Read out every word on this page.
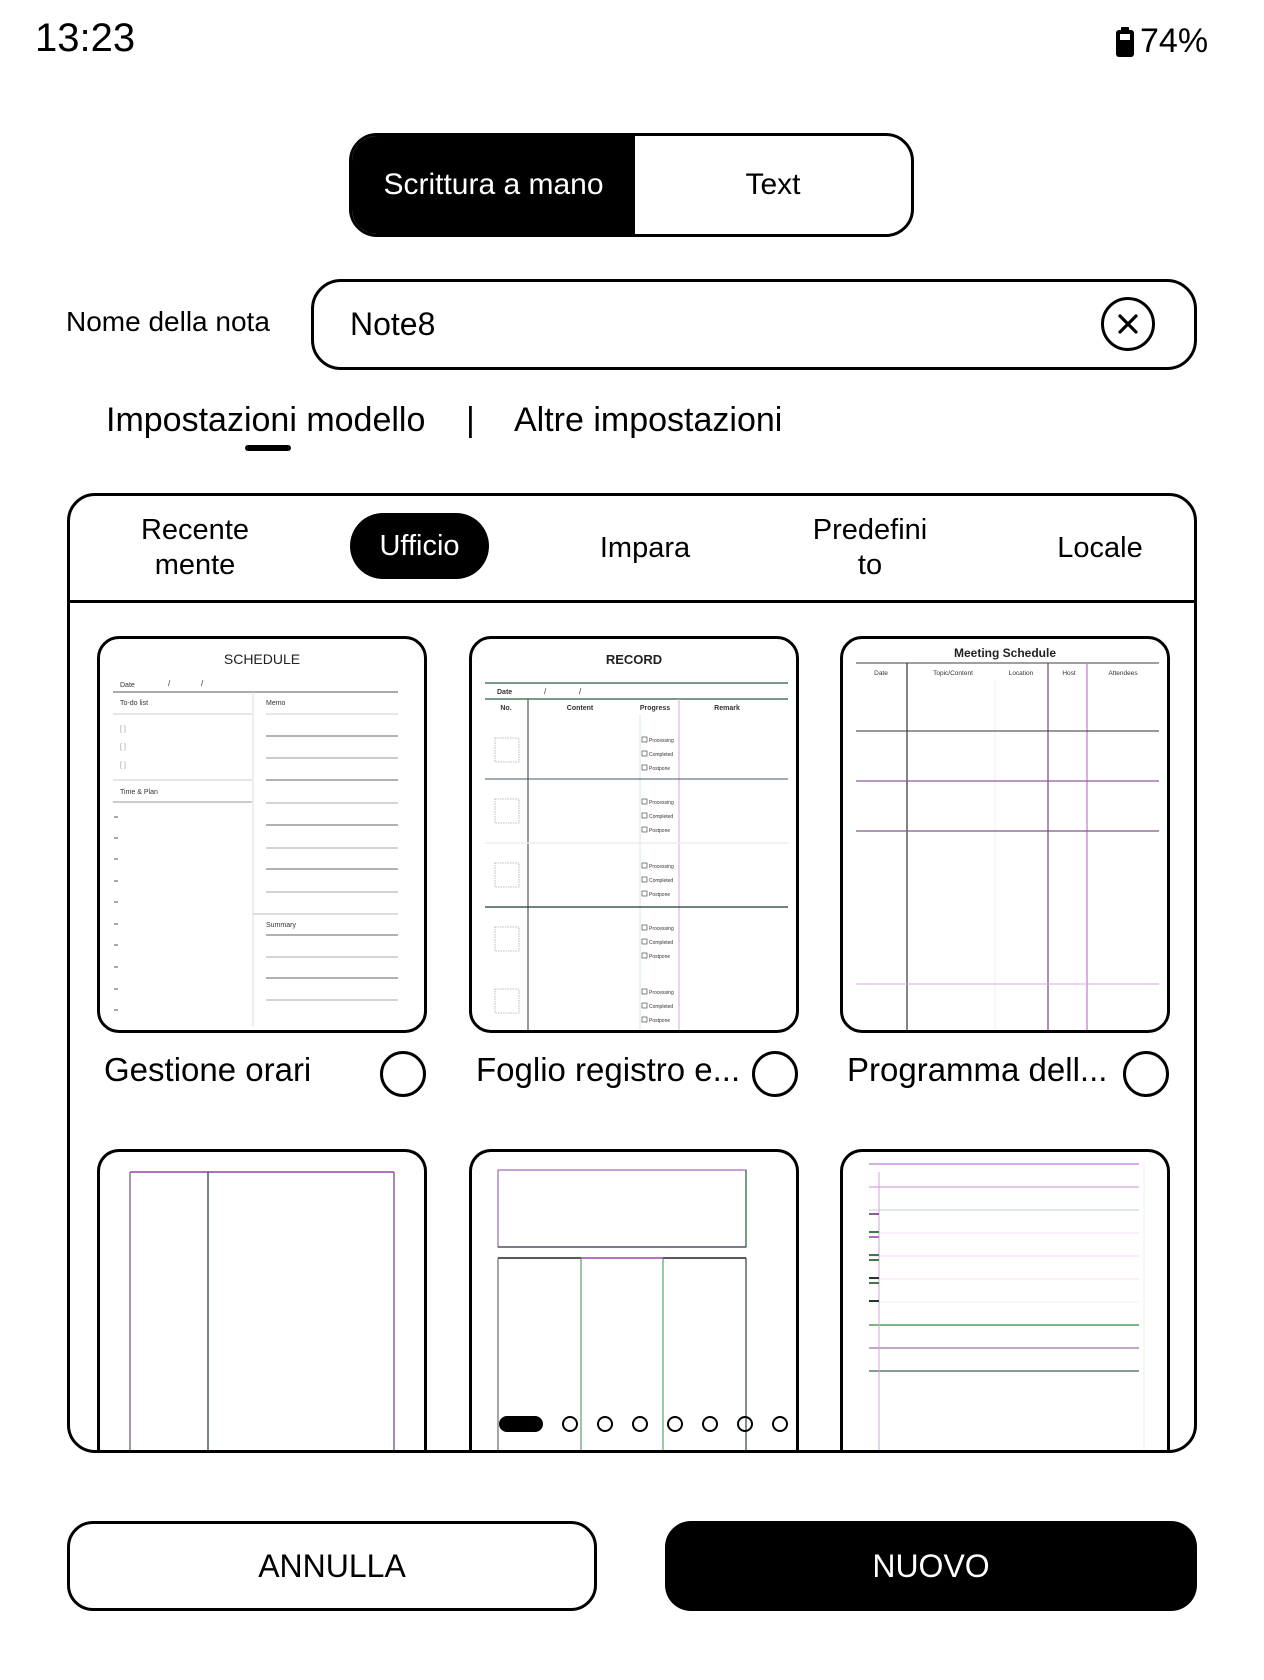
13:23	74%
Scrittura a mano	Text
Nome della nota
Note8
Impostazioni modello | Altre impostazioni
Recente
mente
Ufficio	Impara
Predefini
to
Locale
SCHEDULE
Date	/	/
To-do list	Memo
[ ]
[ ]
[ ]
Time & Plan
Summary
RECORD
Date	/	/
No.	Content	Progress	Remark
Processing
Completed
Postpone
Processing
Completed
Postpone
Processing
Completed
Postpone
Processing
Completed
Postpone
Processing
Completed
Postpone
Meeting Schedule
Date	Topic/Content	Location	Host	Attendees
Gestione orari	Foglio registro e...	Programma dell...
ANNULLA	NUOVO
